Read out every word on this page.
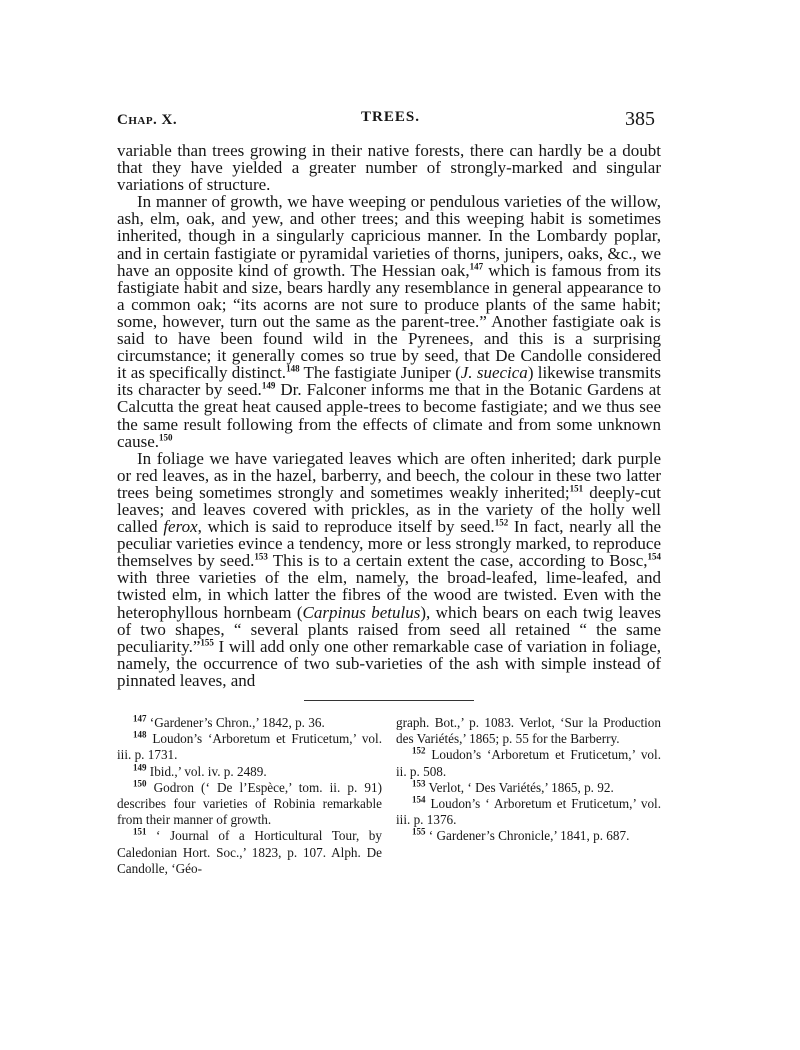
Chap. X.	TREES.	385

variable than trees growing in their native forests, there can hardly be a doubt that they have yielded a greater number of strongly-marked and singular variations of structure.

In manner of growth, we have weeping or pendulous varieties of the willow, ash, elm, oak, and yew, and other trees; and this weeping habit is sometimes inherited, though in a singularly capricious manner. In the Lombardy poplar, and in certain fastigiate or pyramidal varieties of thorns, junipers, oaks, &c., we have an opposite kind of growth. The Hessian oak,$^{147}$ which is famous from its fastigiate habit and size, bears hardly any resemblance in general appearance to a common oak; “its acorns are not sure to produce plants of the same habit; some, however, turn out the same as the parent-tree.” Another fastigiate oak is said to have been found wild in the Pyrenees, and this is a surprising circumstance; it generally comes so true by seed, that De Candolle considered it as specifically distinct.$^{148}$ The fastigiate Juniper (J. suecica) likewise transmits its character by seed.$^{149}$ Dr. Falconer informs me that in the Botanic Gardens at Calcutta the great heat caused apple-trees to become fastigiate; and we thus see the same result following from the effects of climate and from some unknown cause.$^{150}$

In foliage we have variegated leaves which are often inherited; dark purple or red leaves, as in the hazel, barberry, and beech, the colour in these two latter trees being sometimes strongly and sometimes weakly inherited;$^{151}$ deeply-cut leaves; and leaves covered with prickles, as in the variety of the holly well called ferox, which is said to reproduce itself by seed.$^{152}$ In fact, nearly all the peculiar varieties evince a tendency, more or less strongly marked, to reproduce themselves by seed.$^{153}$ This is to a certain extent the case, according to Bosc,$^{154}$ with three varieties of the elm, namely, the broad-leafed, lime-leafed, and twisted elm, in which latter the fibres of the wood are twisted. Even with the heterophyllous hornbeam (Carpinus betulus), which bears on each twig leaves of two shapes, “ several plants raised from seed all retained “ the same peculiarity.”$^{155}$ I will add only one other remarkable case of variation in foliage, namely, the occurrence of two sub-varieties of the ash with simple instead of pinnated leaves, and

$^{147}$ ‘Gardener’s Chron.,’ 1842, p. 36.

$^{148}$ Loudon’s ‘Arboretum et Fruticetum,’ vol. iii. p. 1731.

$^{149}$ Ibid.,’ vol. iv. p. 2489.

$^{150}$ Godron (‘ De l’Espèce,’ tom. ii. p. 91) describes four varieties of Robinia remarkable from their manner of growth.

$^{151}$ ‘ Journal of a Horticultural Tour, by Caledonian Hort. Soc.,’ 1823, p. 107. Alph. De Candolle, ‘Géo-

graph. Bot.,’ p. 1083. Verlot, ‘Sur la Production des Variétés,’ 1865; p. 55 for the Barberry.

$^{152}$ Loudon’s ‘Arboretum et Fruticetum,’ vol. ii. p. 508.

$^{153}$ Verlot, ‘ Des Variétés,’ 1865, p. 92.

$^{154}$ Loudon’s ‘ Arboretum et Fruticetum,’ vol. iii. p. 1376.

$^{155}$ ‘ Gardener’s Chronicle,’ 1841, p. 687.
